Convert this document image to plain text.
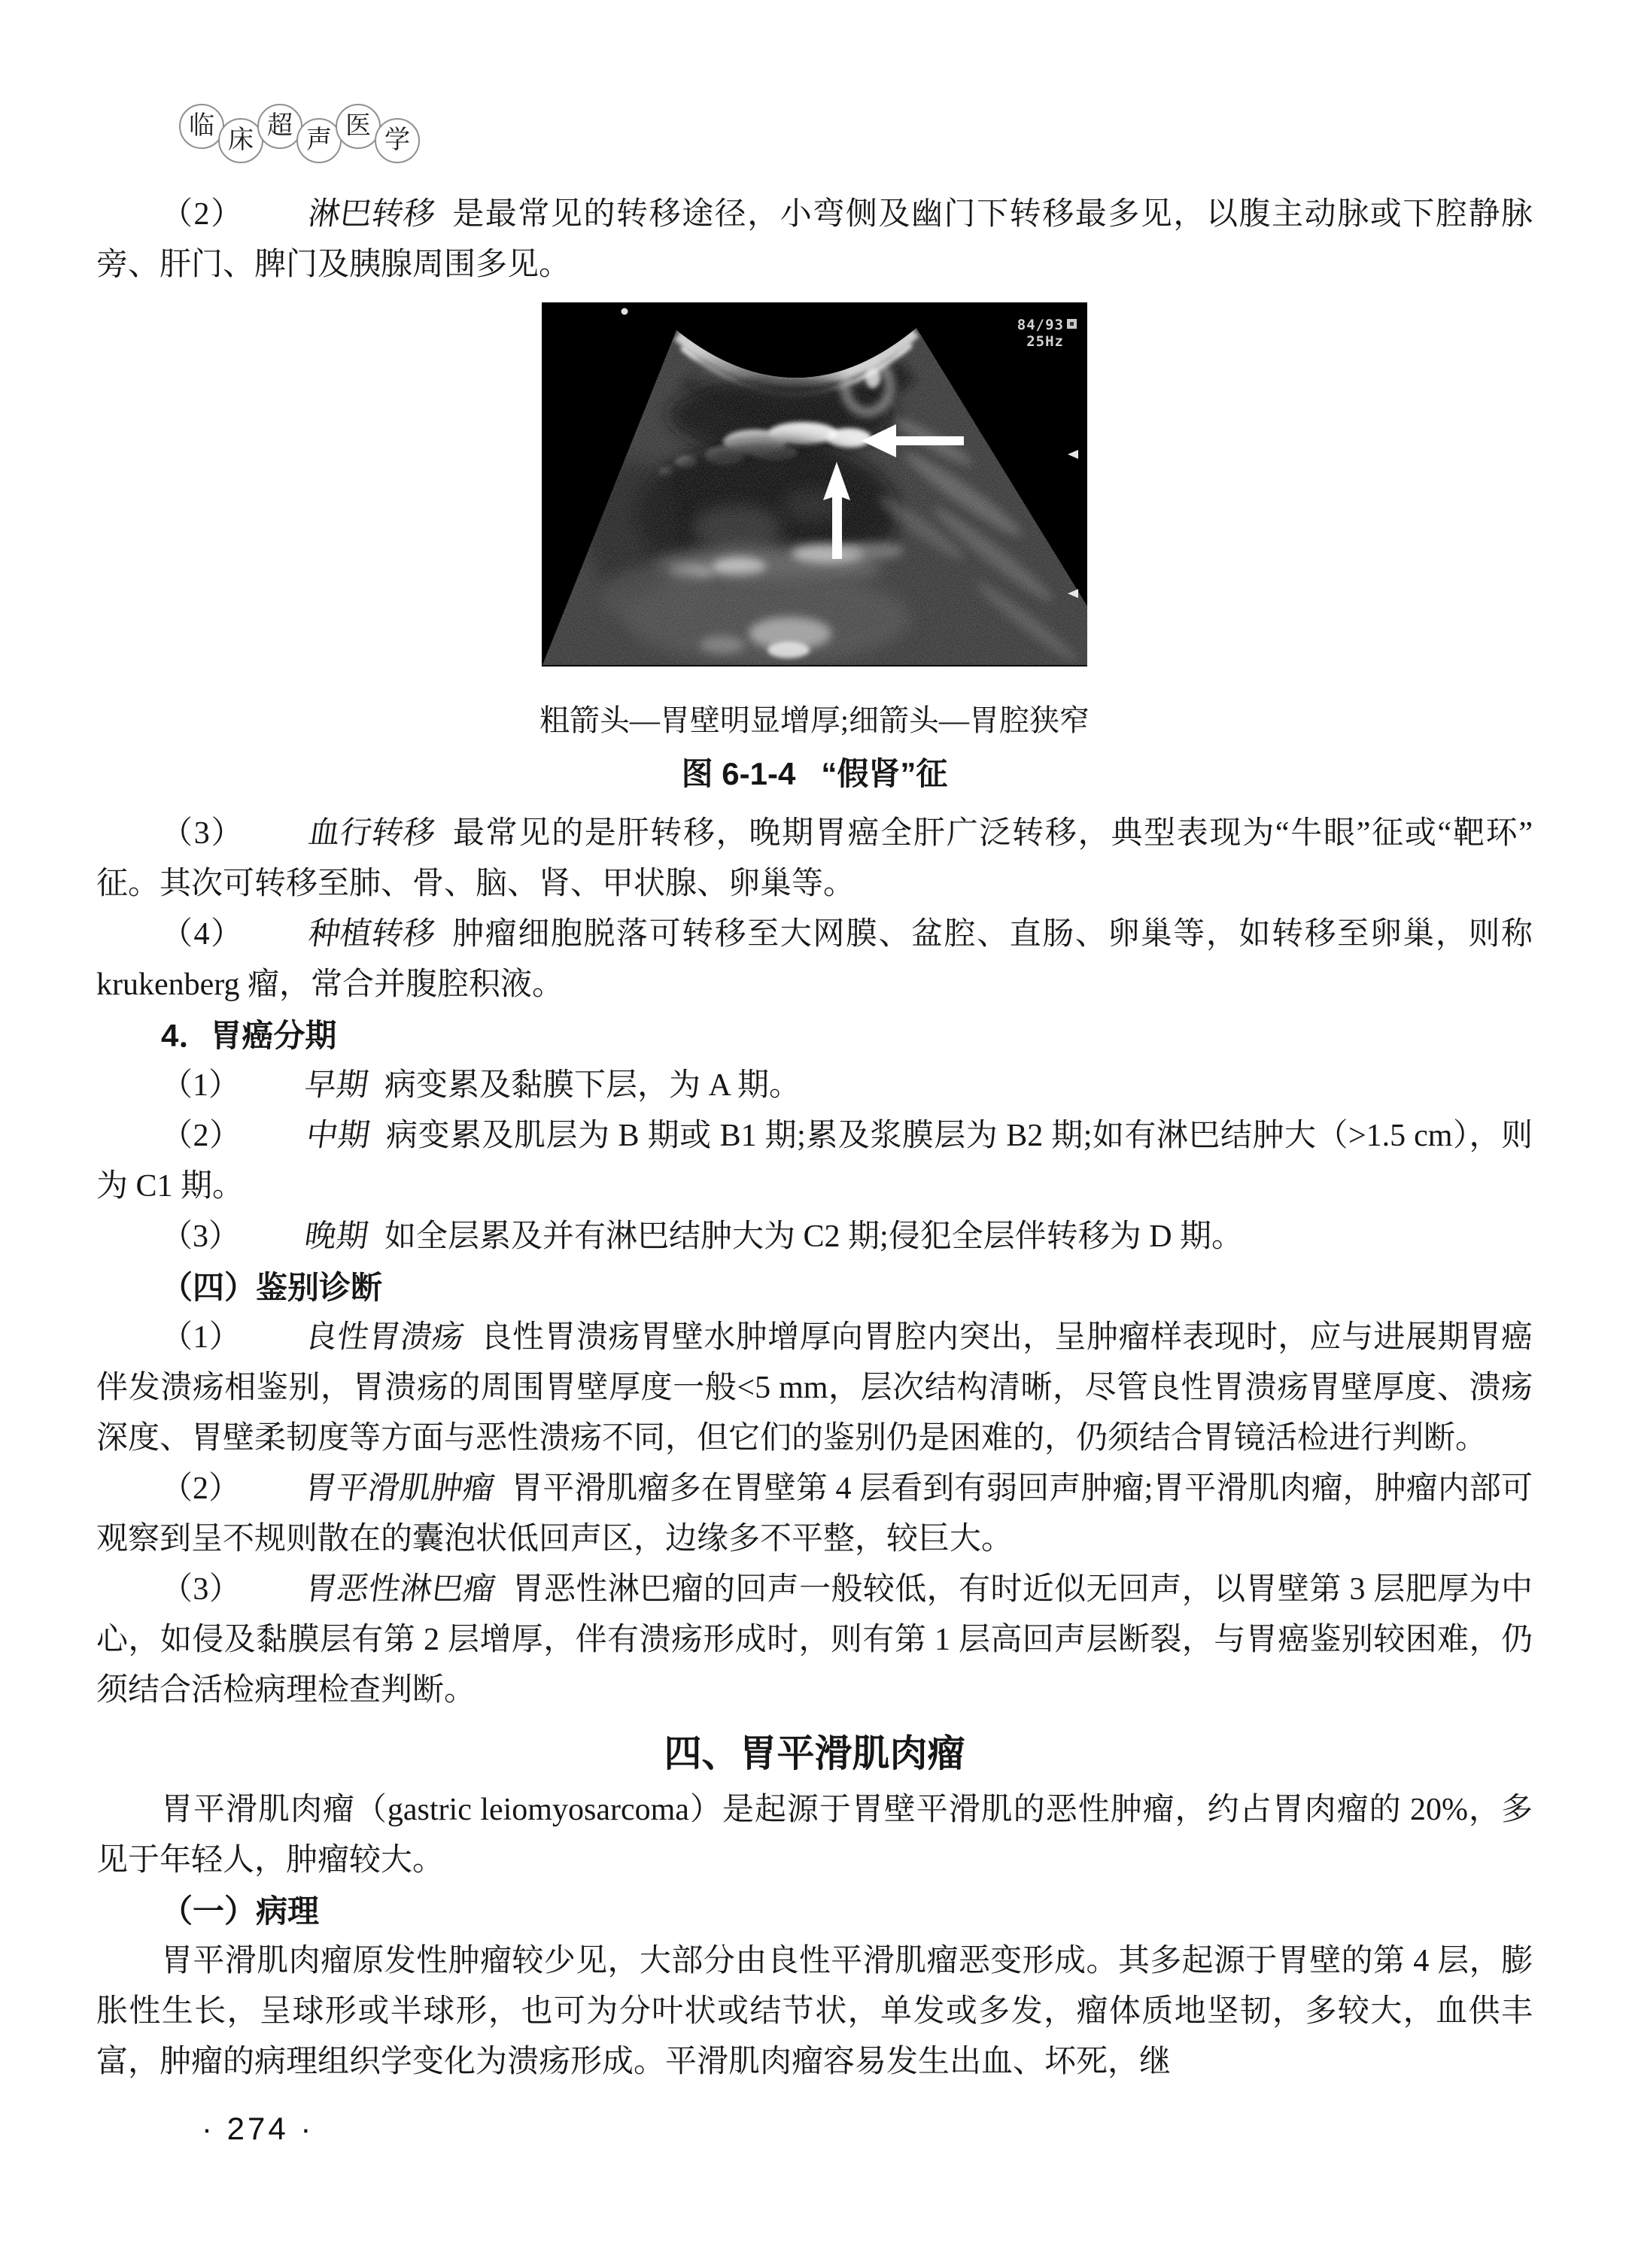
临
床
超
声
医
学

（2） 淋巴转移 是最常见的转移途径，小弯侧及幽门下转移最多见，以腹主动脉或下腔静脉旁、肝门、脾门及胰腺周围多见。

84/93
25Hz
粗箭头—胃壁明显增厚;细箭头—胃腔狭窄
图 6-1-4 “假肾”征

（3） 血行转移 最常见的是肝转移，晚期胃癌全肝广泛转移，典型表现为“牛眼”征或“靶环”征。其次可转移至肺、骨、脑、肾、甲状腺、卵巢等。

（4） 种植转移 肿瘤细胞脱落可转移至大网膜、盆腔、直肠、卵巢等，如转移至卵巢，则称 krukenberg 瘤，常合并腹腔积液。

4．胃癌分期

（1） 早期 病变累及黏膜下层，为 A 期。

（2） 中期 病变累及肌层为 B 期或 B1 期;累及浆膜层为 B2 期;如有淋巴结肿大（>1.5 cm），则为 C1 期。

（3） 晚期 如全层累及并有淋巴结肿大为 C2 期;侵犯全层伴转移为 D 期。

（四）鉴别诊断

（1） 良性胃溃疡 良性胃溃疡胃壁水肿增厚向胃腔内突出，呈肿瘤样表现时，应与进展期胃癌伴发溃疡相鉴别，胃溃疡的周围胃壁厚度一般<5 mm，层次结构清晰，尽管良性胃溃疡胃壁厚度、溃疡深度、胃壁柔韧度等方面与恶性溃疡不同，但它们的鉴别仍是困难的，仍须结合胃镜活检进行判断。

（2） 胃平滑肌肿瘤 胃平滑肌瘤多在胃壁第 4 层看到有弱回声肿瘤;胃平滑肌肉瘤，肿瘤内部可观察到呈不规则散在的囊泡状低回声区，边缘多不平整，较巨大。

（3） 胃恶性淋巴瘤 胃恶性淋巴瘤的回声一般较低，有时近似无回声，以胃壁第 3 层肥厚为中心，如侵及黏膜层有第 2 层增厚，伴有溃疡形成时，则有第 1 层高回声层断裂，与胃癌鉴别较困难，仍须结合活检病理检查判断。

四、胃平滑肌肉瘤

胃平滑肌肉瘤（gastric leiomyosarcoma）是起源于胃壁平滑肌的恶性肿瘤，约占胃肉瘤的 20%，多见于年轻人，肿瘤较大。

（一）病理

胃平滑肌肉瘤原发性肿瘤较少见，大部分由良性平滑肌瘤恶变形成。其多起源于胃壁的第 4 层，膨胀性生长，呈球形或半球形，也可为分叶状或结节状，单发或多发，瘤体质地坚韧，多较大，血供丰富，肿瘤的病理组织学变化为溃疡形成。平滑肌肉瘤容易发生出血、坏死，继

· 274 ·
